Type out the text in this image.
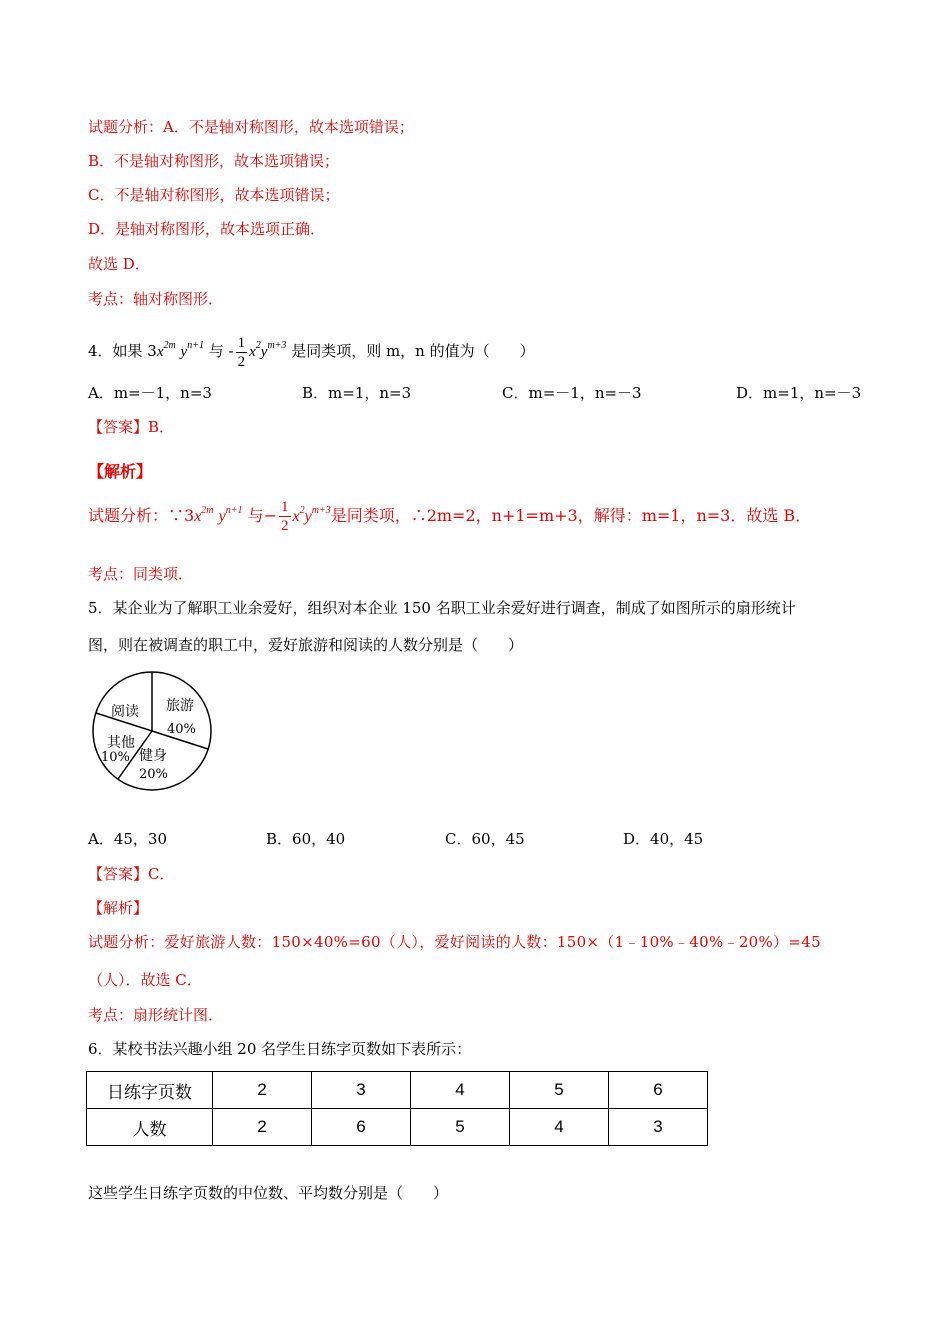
试题分析：A．不是轴对称图形，故本选项错误；
B．不是轴对称图形，故本选项错误；
C．不是轴对称图形，故本选项错误；
D．是轴对称图形，故本选项正确．
故选 D．
考点：轴对称图形．
4．如果 $3x^{2m}$ $y^{n+1}$ 与 - $\frac{1}{2} x^2y^{m+3}$ 是同类项，则 m，n 的值为（　　）
A．m=－1，n=3	B．m=1，n=3	C．m=－1，n=－3	D．m=1，n=－3
【答案】B．
【解析】
试题分析：$\because 3x^{2m}$ $y^{n+1}$ 与− $\frac{1}{2} x^2y^{m+3}$是同类项，∴2m=2，n+1=m+3，解得：m=1，n=3．故选 B．
考点：同类项．
5．某企业为了解职工业余爱好，组织对本企业 150 名职工业余爱好进行调查，制成了如图所示的扇形统计
图，则在被调查的职工中，爱好旅游和阅读的人数分别是（　　）
阅读 旅游
40%
其他
10% 健身
20%
A．45，30	B．60，40	C．60，45	D．40，45
【答案】C．
【解析】
试题分析：爱好旅游人数：150×40%=60（人），爱好阅读的人数：150×（1﹣10%﹣40%﹣20%）=45
（人）．故选 C．
考点：扇形统计图．
6．某校书法兴趣小组 20 名学生日练字页数如下表所示：
日练字页数	2	3	4	5	6
人数	2	6	5	4	3
这些学生日练字页数的中位数、平均数分别是（　　）
